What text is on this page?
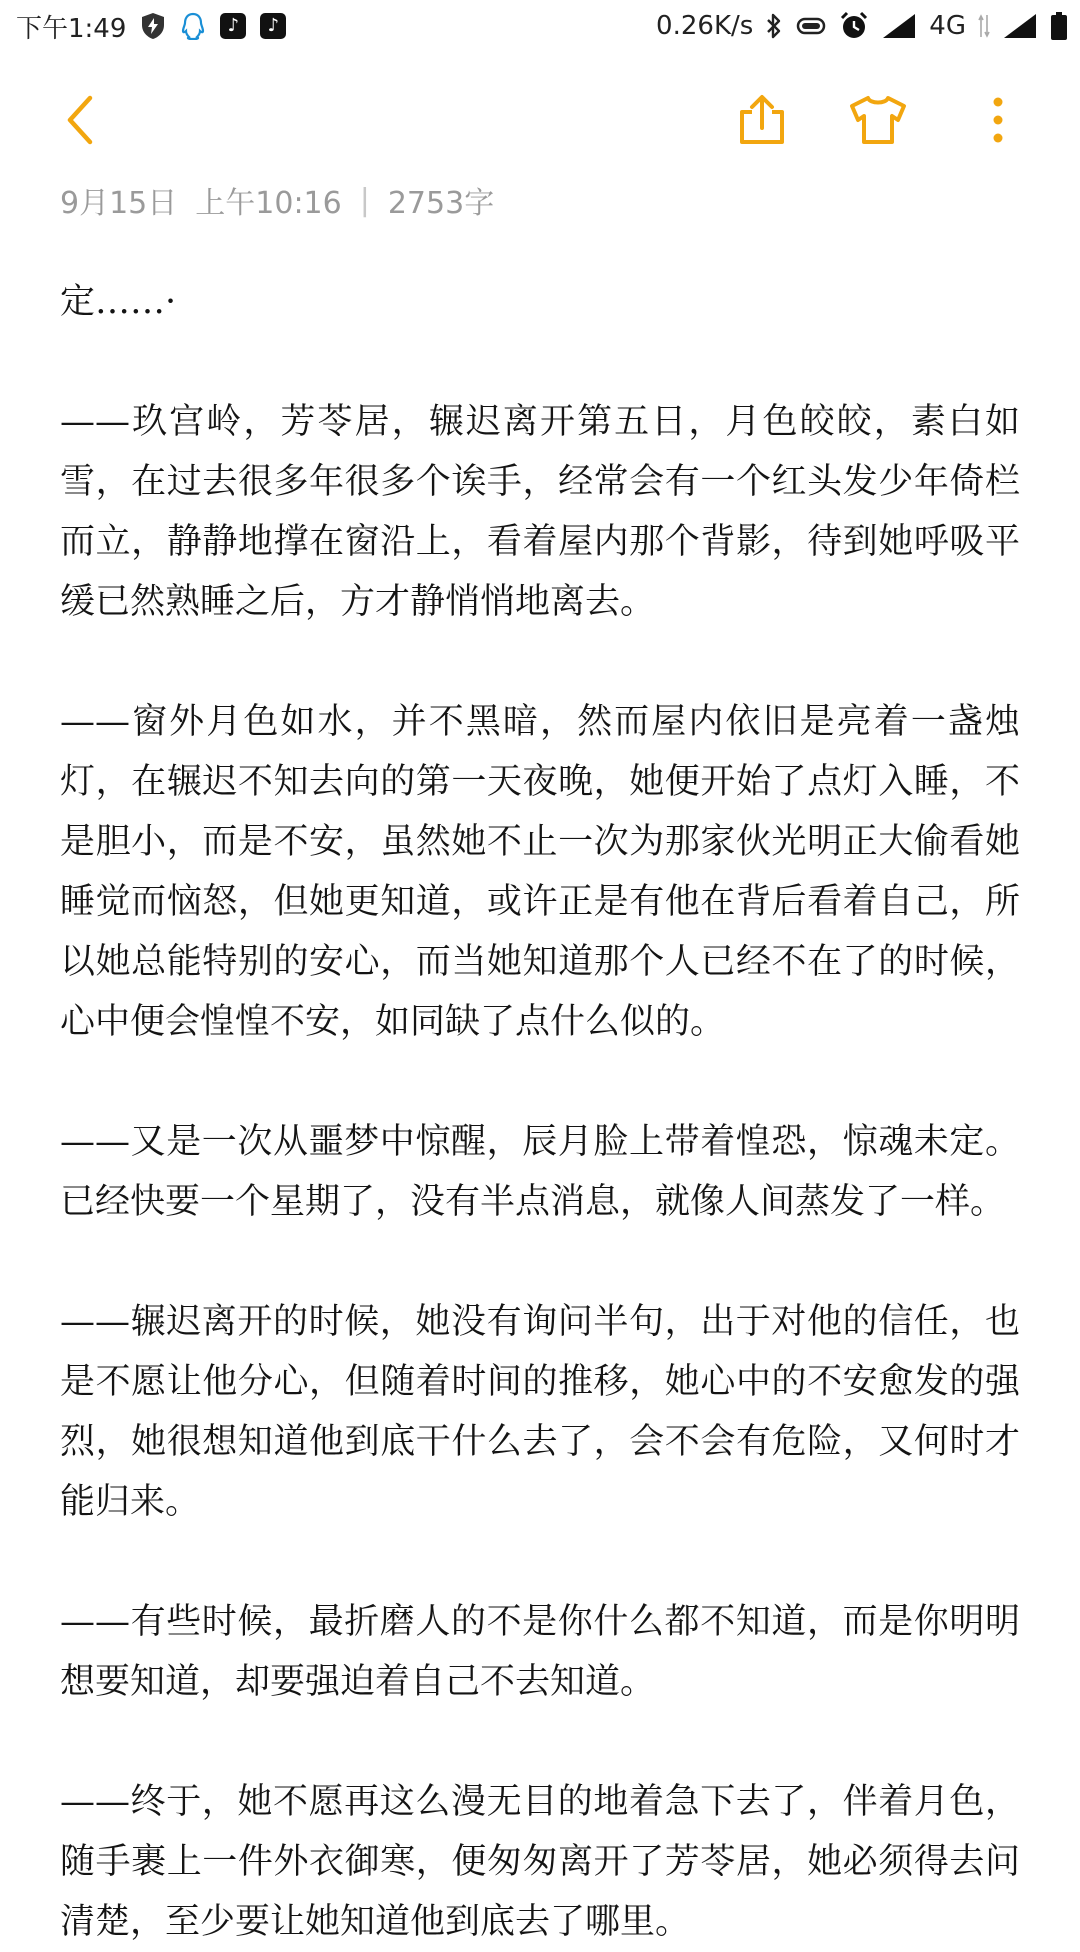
下午1:49	♪	♪	0.26K/s	4G
9月15日 上午10:16 | 2753字

定……·

——玖宫岭，芳苓居，辗迟离开第五日，月色皎皎，素白如雪，在过去很多年很多个诶手，经常会有一个红头发少年倚栏而立，静静地撑在窗沿上，看着屋内那个背影，待到她呼吸平缓已然熟睡之后，方才静悄悄地离去。

——窗外月色如水，并不黑暗，然而屋内依旧是亮着一盏烛灯，在辗迟不知去向的第一天夜晚，她便开始了点灯入睡，不是胆小，而是不安，虽然她不止一次为那家伙光明正大偷看她睡觉而恼怒，但她更知道，或许正是有他在背后看着自己，所以她总能特别的安心，而当她知道那个人已经不在了的时候，心中便会惶惶不安，如同缺了点什么似的。

——又是一次从噩梦中惊醒，辰月脸上带着惶恐，惊魂未定。已经快要一个星期了，没有半点消息，就像人间蒸发了一样。

——辗迟离开的时候，她没有询问半句，出于对他的信任，也是不愿让他分心，但随着时间的推移，她心中的不安愈发的强烈，她很想知道他到底干什么去了，会不会有危险，又何时才能归来。

——有些时候，最折磨人的不是你什么都不知道，而是你明明想要知道，却要强迫着自己不去知道。

——终于，她不愿再这么漫无目的地着急下去了，伴着月色，随手裹上一件外衣御寒，便匆匆离开了芳苓居，她必须得去问清楚，至少要让她知道他到底去了哪里。
